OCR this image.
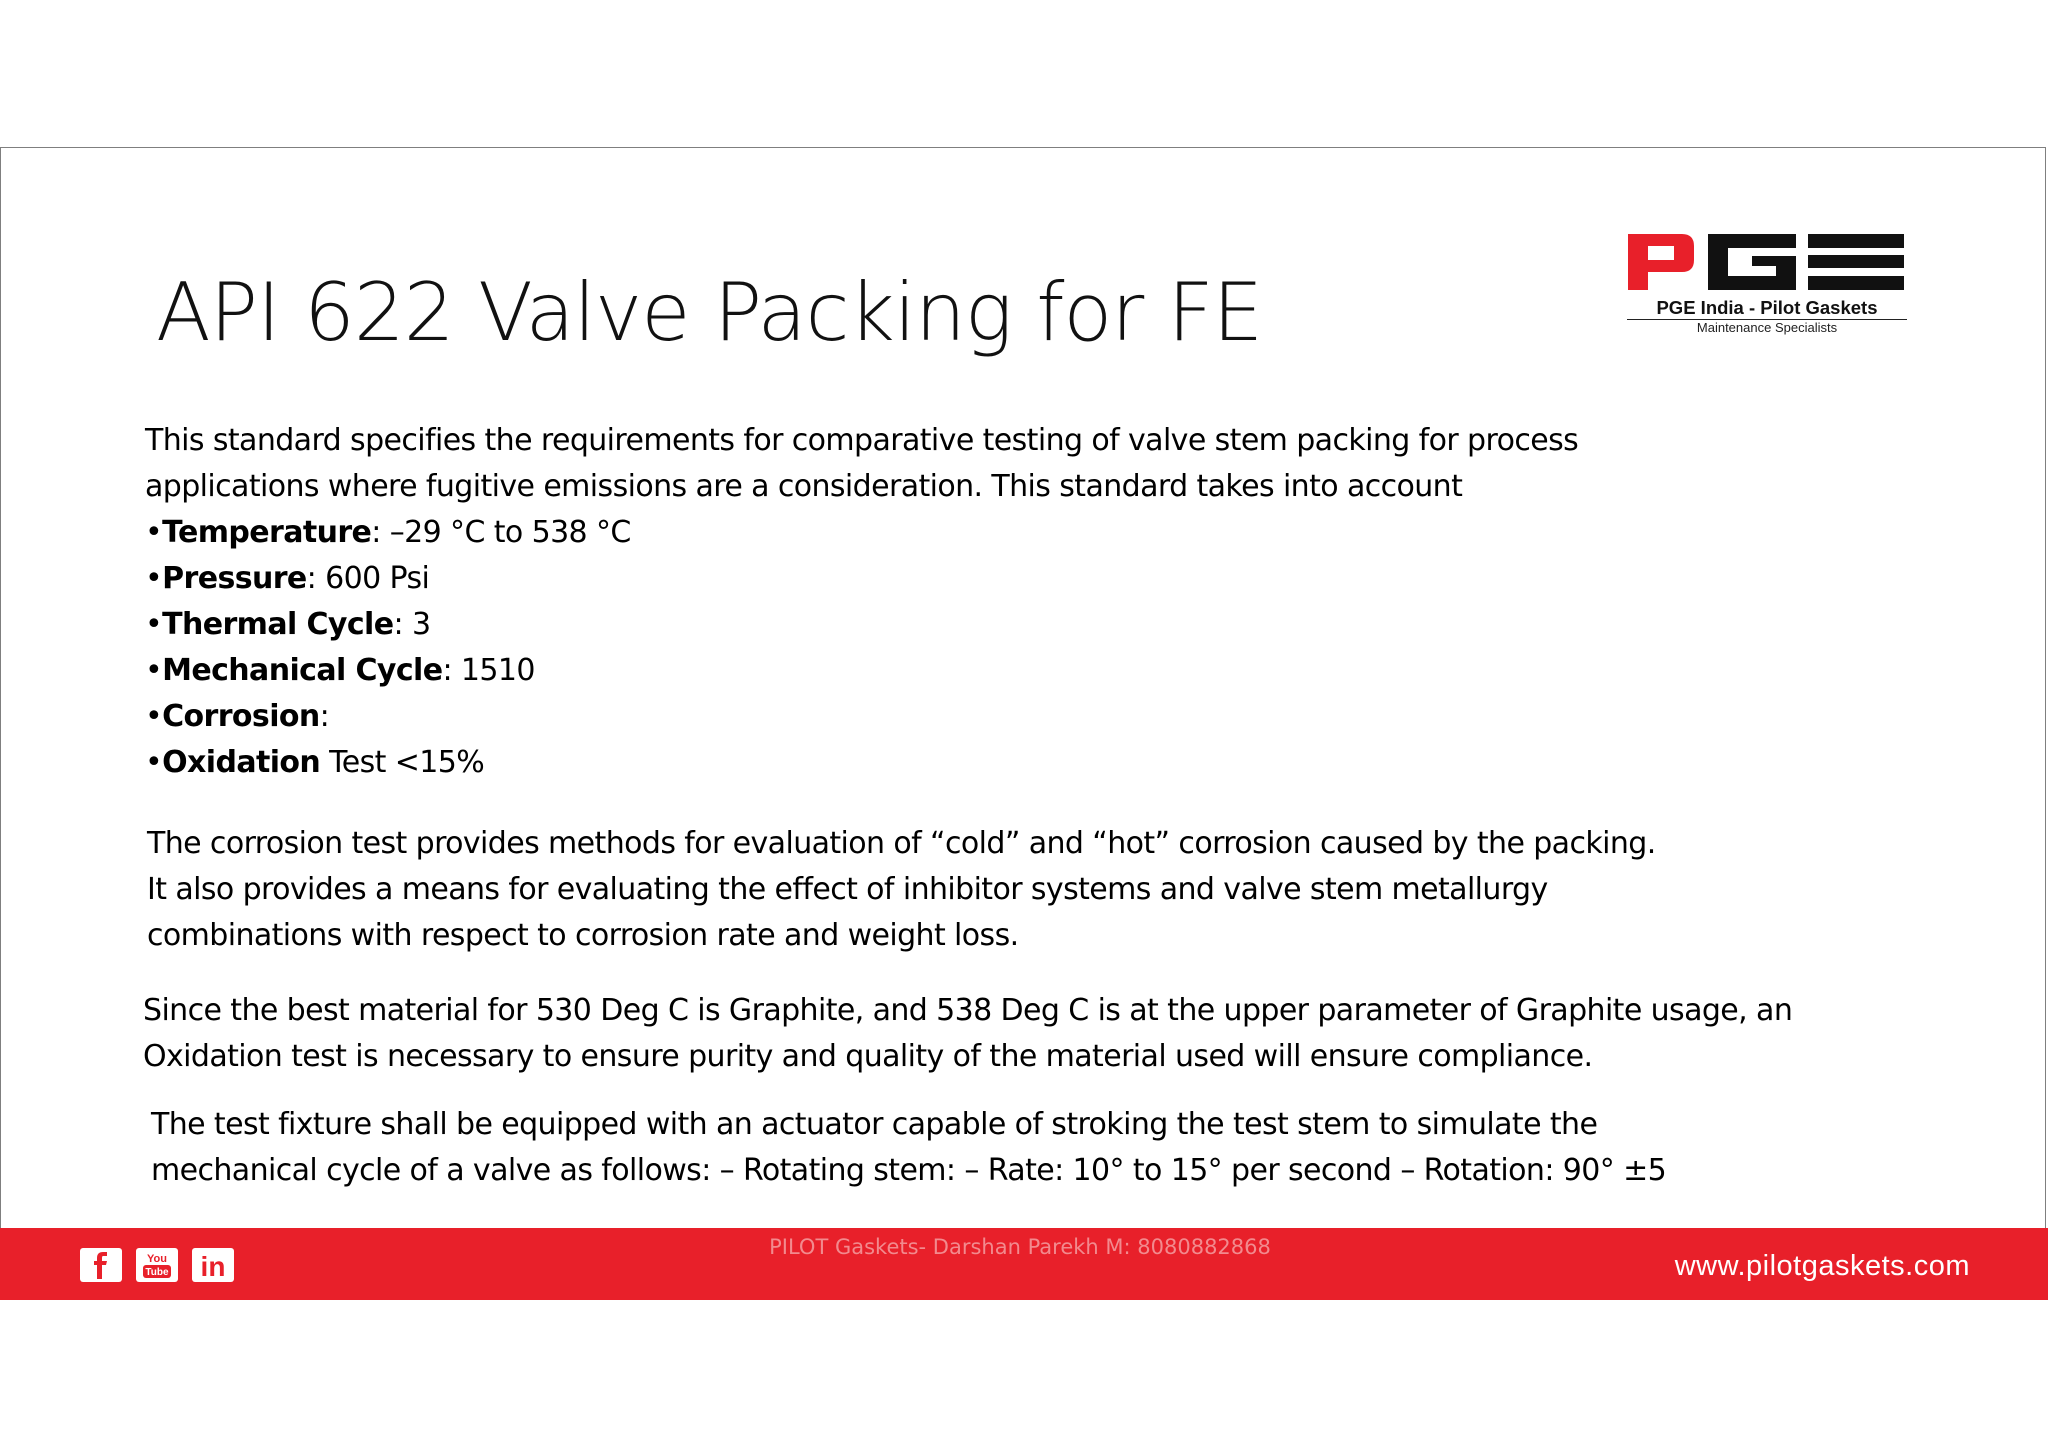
API 622 Valve Packing for FE	PGE India - Pilot Gaskets
Maintenance Specialists

This standard specifies the requirements for comparative testing of valve stem packing for process

applications where fugitive emissions are a consideration. This standard takes into account

•Temperature: –29 °C to 538 °C

•Pressure: 600 Psi

•Thermal Cycle: 3

•Mechanical Cycle: 1510

•Corrosion:

•Oxidation Test <15%

The corrosion test provides methods for evaluation of “cold” and “hot” corrosion caused by the packing.

It also provides a means for evaluating the effect of inhibitor systems and valve stem metallurgy

combinations with respect to corrosion rate and weight loss.

Since the best material for 530 Deg C is Graphite, and 538 Deg C is at the upper parameter of Graphite usage, an

Oxidation test is necessary to ensure purity and quality of the material used will ensure compliance.

The test fixture shall be equipped with an actuator capable of stroking the test stem to simulate the

mechanical cycle of a valve as follows: – Rotating stem: – Rate: 10° to 15° per second – Rotation: 90° ±5

You
Tube in
PILOT Gaskets- Darshan Parekh M: 8080882868
www.pilotgaskets.com
